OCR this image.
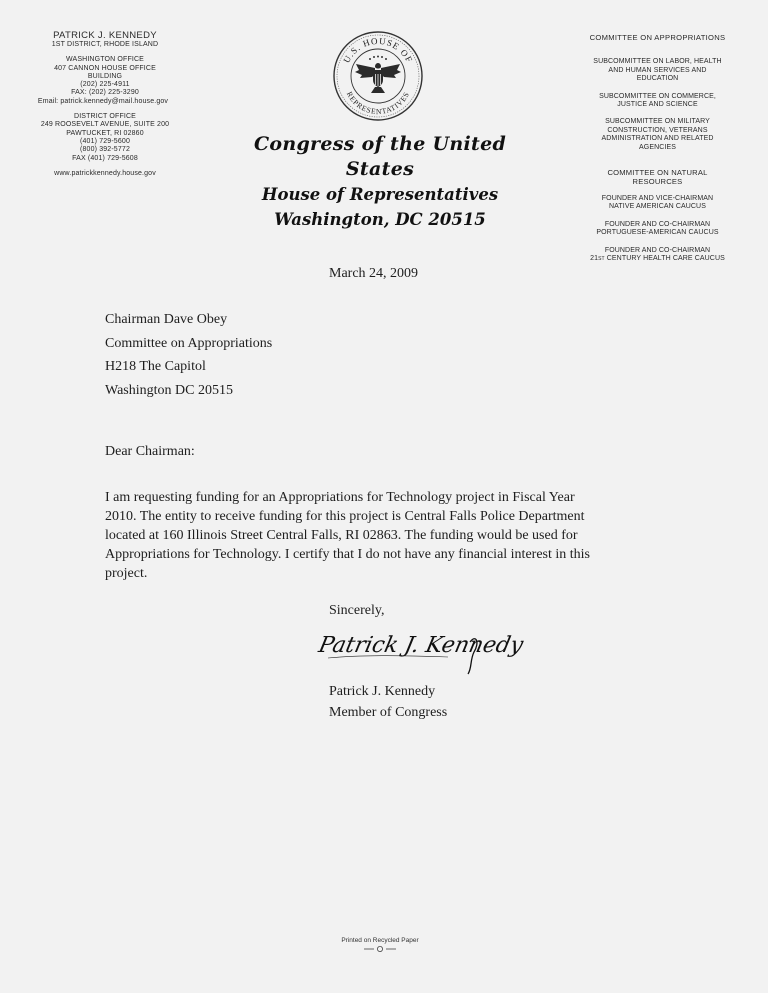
PATRICK J. KENNEDY
1ST DISTRICT, RHODE ISLAND
WASHINGTON OFFICE
407 CANNON HOUSE OFFICE
BUILDING
(202) 225-4911
FAX: (202) 225-3290
Email: patrick.kennedy@mail.house.gov
DISTRICT OFFICE
249 ROOSEVELT AVENUE, SUITE 200
PAWTUCKET, RI 02860
(401) 729-5600
(800) 392-5772
FAX (401) 729-5608
www.patrickkennedy.house.gov
U.S. HOUSE OF
REPRESENTATIVES
Congress of the United States
House of Representatives
Washington, DC 20515
COMMITTEE ON APPROPRIATIONS
SUBCOMMITTEE ON LABOR, HEALTH
AND HUMAN SERVICES AND
EDUCATION
SUBCOMMITTEE ON COMMERCE,
JUSTICE AND SCIENCE
SUBCOMMITTEE ON MILITARY
CONSTRUCTION, VETERANS
ADMINISTRATION AND RELATED
AGENCIES
COMMITTEE ON NATURAL
RESOURCES
FOUNDER AND VICE-CHAIRMAN
NATIVE AMERICAN CAUCUS
FOUNDER AND CO-CHAIRMAN
PORTUGUESE-AMERICAN CAUCUS
FOUNDER AND CO-CHAIRMAN
21ST CENTURY HEALTH CARE CAUCUS
March 24, 2009
Chairman Dave Obey
Committee on Appropriations
H218 The Capitol
Washington DC 20515
Dear Chairman:
I am requesting funding for an Appropriations for Technology project in Fiscal Year
2010. The entity to receive funding for this project is Central Falls Police Department
located at 160 Illinois Street Central Falls, RI 02863. The funding would be used for
Appropriations for Technology. I certify that I do not have any financial interest in this
project.
Sincerely,
Patrick J. Kennedy
Patrick J. Kennedy
Member of Congress
Printed on Recycled Paper
